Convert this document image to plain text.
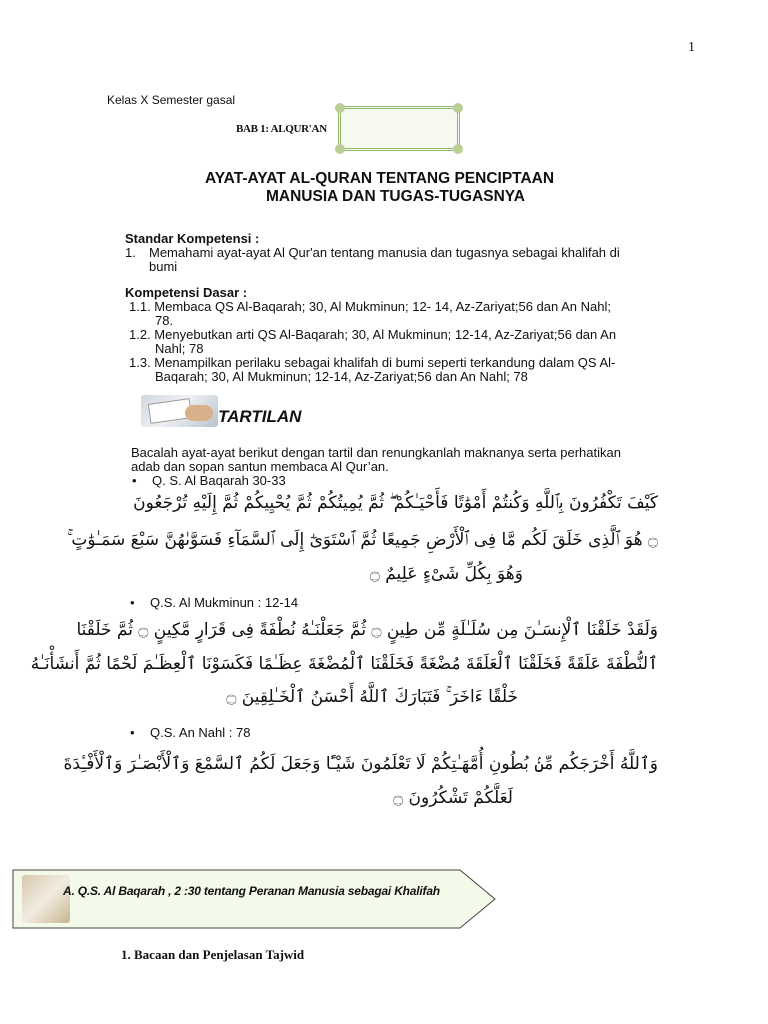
1
Kelas X Semester gasal
BAB 1: ALQUR'AN
AYAT-AYAT AL-QURAN TENTANG PENCIPTAAN
MANUSIA DAN TUGAS-TUGASNYA
Standar Kompetensi :
1. Memahami ayat-ayat Al Qur'an tentang manusia dan tugasnya sebagai khalifah di
bumi
Kompetensi Dasar :
1.1. Membaca QS Al-Baqarah; 30, Al Mukminun; 12- 14, Az-Zariyat;56 dan An Nahl;
78.
1.2. Menyebutkan arti QS Al-Baqarah; 30, Al Mukminun; 12-14, Az-Zariyat;56 dan An
Nahl; 78
1.3. Menampilkan perilaku sebagai khalifah di bumi seperti terkandung dalam QS Al-
Baqarah; 30, Al Mukminun; 12-14, Az-Zariyat;56 dan An Nahl; 78
TARTILAN
Bacalah ayat-ayat berikut dengan tartil dan renungkanlah maknanya serta perhatikan
adab dan sopan santun membaca Al Qur’an.
• Q. S. Al Baqarah 30-33
كَيْفَ تَكْفُرُونَ بِٱللَّهِ وَكُنتُمْ أَمْوَٰتًا فَأَحْيَـٰكُمْ ۖ ثُمَّ يُمِيتُكُمْ ثُمَّ يُحْيِيكُمْ ثُمَّ إِلَيْهِ تُرْجَعُونَ
۝ هُوَ ٱلَّذِى خَلَقَ لَكُم مَّا فِى ٱلْأَرْضِ جَمِيعًا ثُمَّ ٱسْتَوَىٰٓ إِلَى ٱلسَّمَآءِ فَسَوَّىٰهُنَّ سَبْعَ سَمَـٰوَٰتٍ ۚ
وَهُوَ بِكُلِّ شَىْءٍ عَلِيمٌ ۝
• Q.S. Al Mukminun : 12-14
وَلَقَدْ خَلَقْنَا ٱلْإِنسَـٰنَ مِن سُلَـٰلَةٍ مِّن طِينٍ ۝ ثُمَّ جَعَلْنَـٰهُ نُطْفَةً فِى قَرَارٍ مَّكِينٍ ۝ ثُمَّ خَلَقْنَا
ٱلنُّطْفَةَ عَلَقَةً فَخَلَقْنَا ٱلْعَلَقَةَ مُضْغَةً فَخَلَقْنَا ٱلْمُضْغَةَ عِظَـٰمًا فَكَسَوْنَا ٱلْعِظَـٰمَ لَحْمًا ثُمَّ أَنشَأْنَـٰهُ
خَلْقًا ءَاخَرَ ۚ فَتَبَارَكَ ٱللَّهُ أَحْسَنُ ٱلْخَـٰلِقِينَ ۝
• Q.S. An Nahl : 78
وَٱللَّهُ أَخْرَجَكُم مِّنۢ بُطُونِ أُمَّهَـٰتِكُمْ لَا تَعْلَمُونَ شَيْـًٔا وَجَعَلَ لَكُمُ ٱلسَّمْعَ وَٱلْأَبْصَـٰرَ وَٱلْأَفْـِٔدَةَ
لَعَلَّكُمْ تَشْكُرُونَ ۝
A. Q.S. Al Baqarah , 2 :30 tentang Peranan Manusia sebagai Khalifah
1. Bacaan dan Penjelasan Tajwid
